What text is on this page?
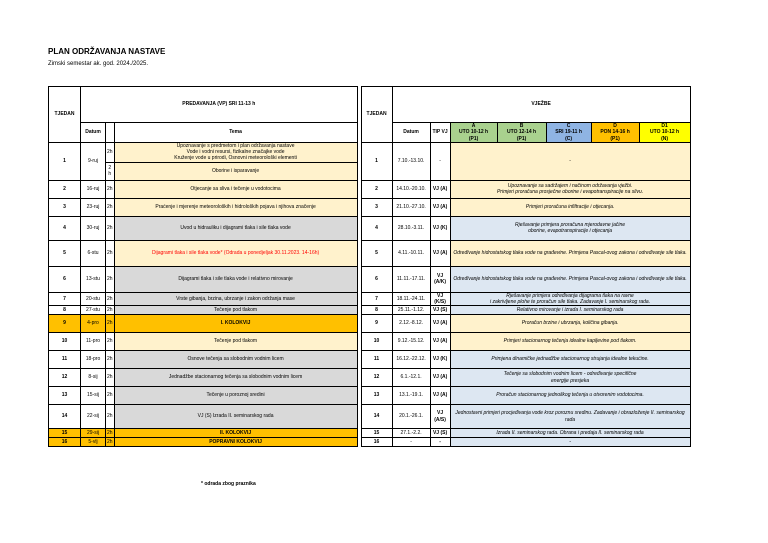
PLAN ODRŽAVANJA NASTAVE
Zimski semestar ak. god. 2024./2025.
TJEDAN	PREDAVANJA (VP) SRI 11-13 h				TJEDAN	VJEŽBE						
	Datum		Tema			Datum	TIP VJ	A
UTO 10-12 h
(P1)	B
UTO 12-14 h
(P1)	C
SRI 19-11 h
(C)	D
PON 14-16 h
(P1)	D1
UTO 10-12 h
(N)
1	9-ruj	2h	Upoznavanje s predmetom i plan održavanja nastave
Vode i vodni resursi, fizikalne značajke vode
Kruženje vode u prirodi, Osnovni meteorološki elementi		1	7.10.-13.10.	-	-				
		2 h	Oborine i isparavanje									
2	16-ruj	2h	Otjecanje sa sliva i tečenje u vodotocima		2	14.10.-20.10.	VJ (A)	Upoznavanje sa sadržajem i načinom održavanja vježbi.
Primjeri proračuna prosječne oborine i evapotranspiracije na slivu.				
3	23-ruj	2h	Praćenje i mjerenje meteoroloških i hidroloških pojava i njihova značenje		3	21.10.-27.10.	VJ (A)	Primjeri proračuna infiltracije i otjecanja.				
4	30-ruj	2h	Uvod u hidrauliku i dijagrami tlaka i sile tlaka vode		4	28.10.-3.11.	VJ (K)	Rješavanje primjera proračuna mjerodavne jačine
oborine, evapotranspiracije i otjecanja				
5	6-stu	2h	Dijagrami tlaka i sile tlaka vode* (Odrada u ponedjeljak 30.11.2023. 14-16h)		5	4.11.-10.11.	VJ (A)	Određivanje hidrostatskog tlaka vode na građevine. Primjena Pascal-ovog zakona i određivanje sile tlaka.				
6	13-stu	2h	Dijagrami tlaka i sile tlaka vode i relativno mirovanje		6	11.11.-17.11.	VJ (A/K)	Određivanje hidrostatskog tlaka vode na građevine. Primjena Pascal-ovog zakona i određivanje sile tlaka.				
7	20-stu	2h	Vrste gibanja, brzina, ubrzanje i zakon održanja mase		7	18.11.-24.11.	VJ (K/S)	Rješavanje primjera određivanja dijagrama tlaka na ravne
i zakrivljene plohe te proračun sile tlaka. Zadavanje I. seminarskog rada.				
8	27-stu	2h	Tečenje pod tlakom		8	25.11.-1.12.	VJ (S)	Relativno mirovanje i izrada I. seminarskog rada				
9	4-pro	2h	I. KOLOKVIJ		9	2.12.-8.12.	VJ (A)	Proračun brzine i ubrzanja, količina gibanja.				
10	11-pro	2h	Tečenje pod tlakom		10	9.12.-15.12.	VJ (A)	Primjeri stacionarnog tečenja idealne kapljevine pod tlakom.				
11	18-pro	2h	Osnove tečenja sa slobodnim vodnim licem		11	16.12.-22.12.	VJ (K)	Primjena dinamičke jednadžbe stacionarnog strujanja idealne tekućine.				
12	8-sij	2h	Jednadžbe stacionarnog tečenja sa slobodnim vodnim licem		12	6.1.-12.1.	VJ (A)	Tečenje sa slobodnim vodnim licem - određivanje specifične
energije presjeka				
13	15-sij	2h	Tečenje u poroznoj sredini		13	13.1.-19.1.	VJ (A)	Proračun stacionarnog jednolikog tečenja u otvorenim vodotocima.				
14	22-sij	2h	VJ (S) Izrada II. seminarskog rada		14	20.1.-26.1.	VJ (A/S)	Jednostavni primjeri procjeđivanja vode kroz poroznu sredinu. Zadavanje i obrazloženje II. seminarskog rada				
15	29-sij	2h	II. KOLOKVIJ		15	27.1.-2.2.	VJ (S)	Izrada II. seminarskog rada. Obrana i predaja II. seminarskog rada				
16	5-vlj	2h	POPRAVNI KOLOKVIJ		16	-	-	-				
* odrada zbog praznika
